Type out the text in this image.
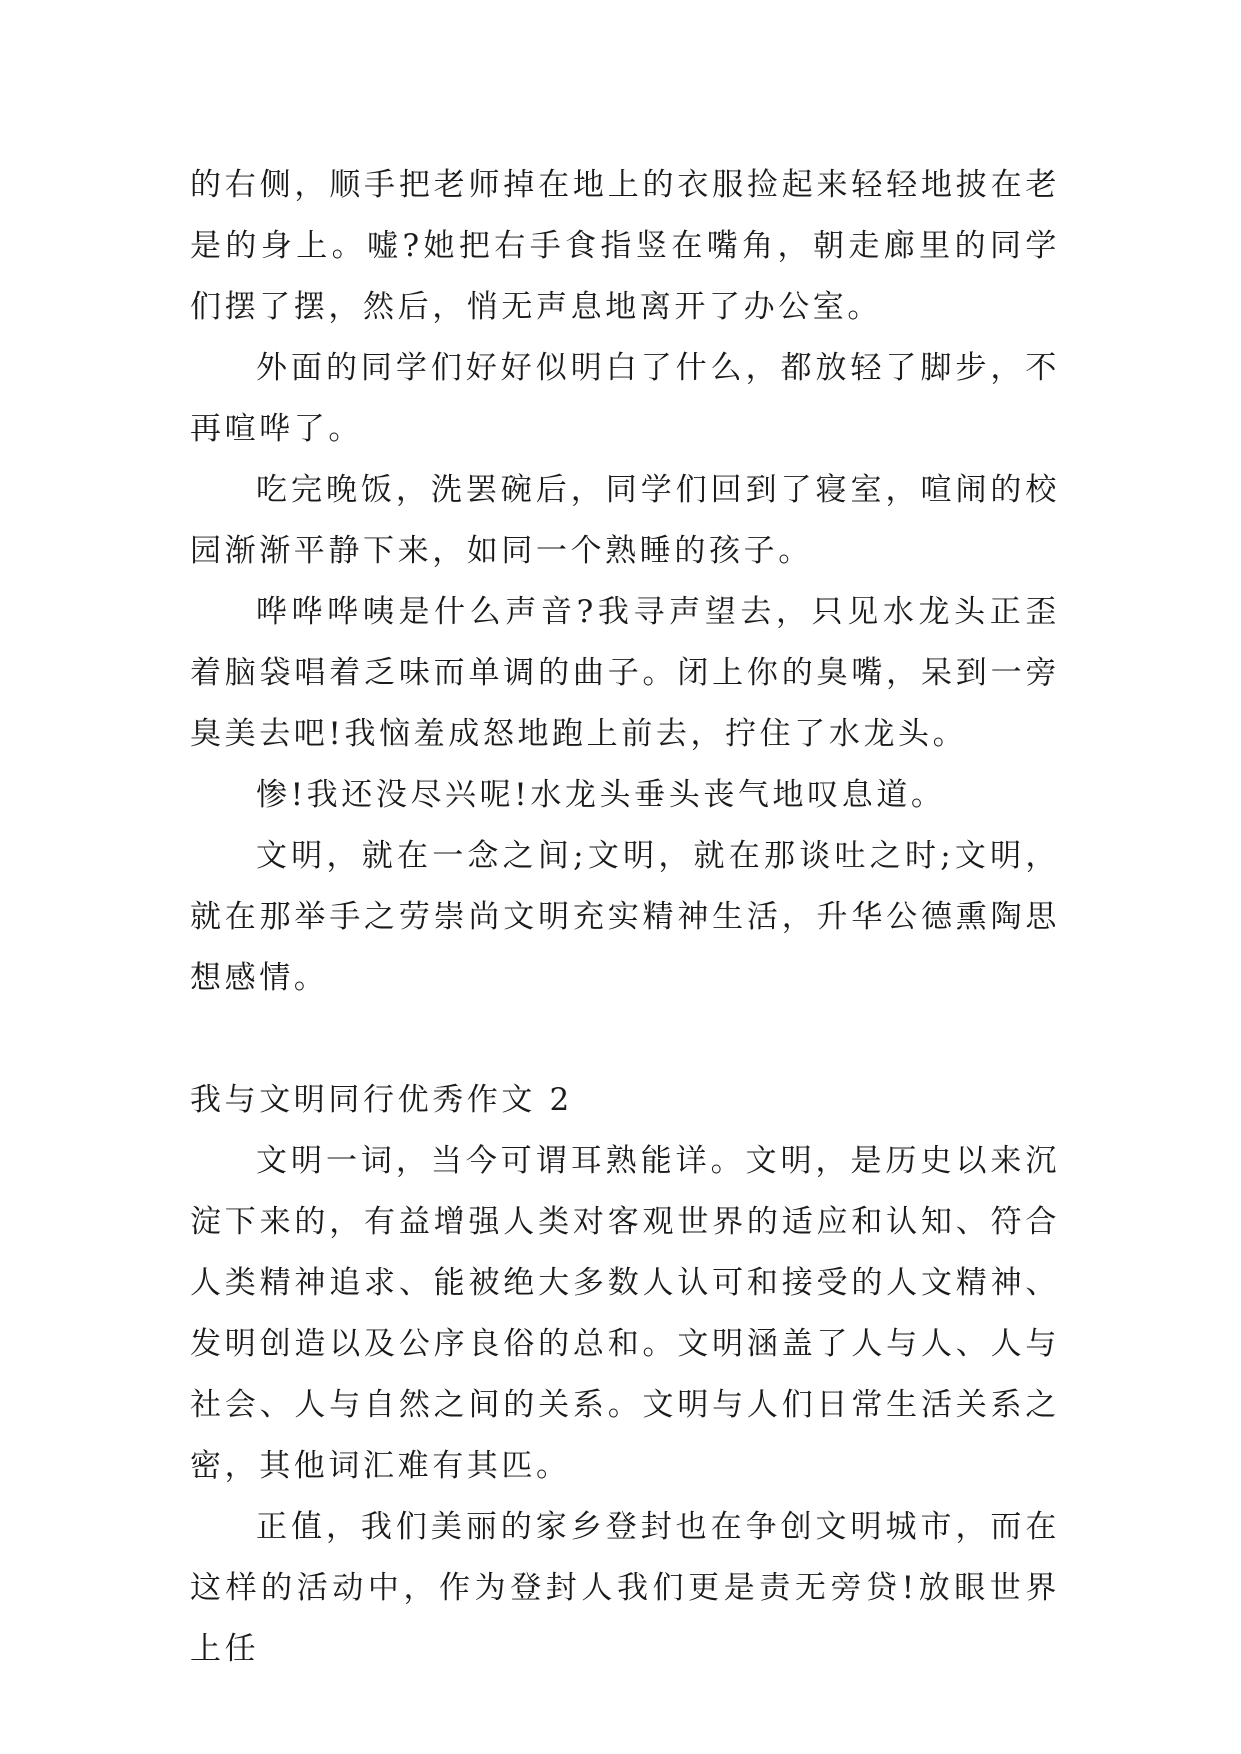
的右侧，顺手把老师掉在地上的衣服捡起来轻轻地披在老是的身上。嘘?她把右手食指竖在嘴角，朝走廊里的同学们摆了摆，然后，悄无声息地离开了办公室。

外面的同学们好好似明白了什么，都放轻了脚步，不再喧哗了。

吃完晚饭，洗罢碗后，同学们回到了寝室，喧闹的校园渐渐平静下来，如同一个熟睡的孩子。

哗哗哗咦是什么声音?我寻声望去，只见水龙头正歪着脑袋唱着乏味而单调的曲子。闭上你的臭嘴，呆到一旁臭美去吧!我恼羞成怒地跑上前去，拧住了水龙头。

惨!我还没尽兴呢!水龙头垂头丧气地叹息道。

文明，就在一念之间;文明，就在那谈吐之时;文明，就在那举手之劳崇尚文明充实精神生活，升华公德熏陶思想感情。

我与文明同行优秀作文 2

文明一词，当今可谓耳熟能详。文明，是历史以来沉淀下来的，有益增强人类对客观世界的适应和认知、符合人类精神追求、能被绝大多数人认可和接受的人文精神、发明创造以及公序良俗的总和。文明涵盖了人与人、人与社会、人与自然之间的关系。文明与人们日常生活关系之密，其他词汇难有其匹。

正值，我们美丽的家乡登封也在争创文明城市，而在这样的活动中，作为登封人我们更是责无旁贷!放眼世界上任
